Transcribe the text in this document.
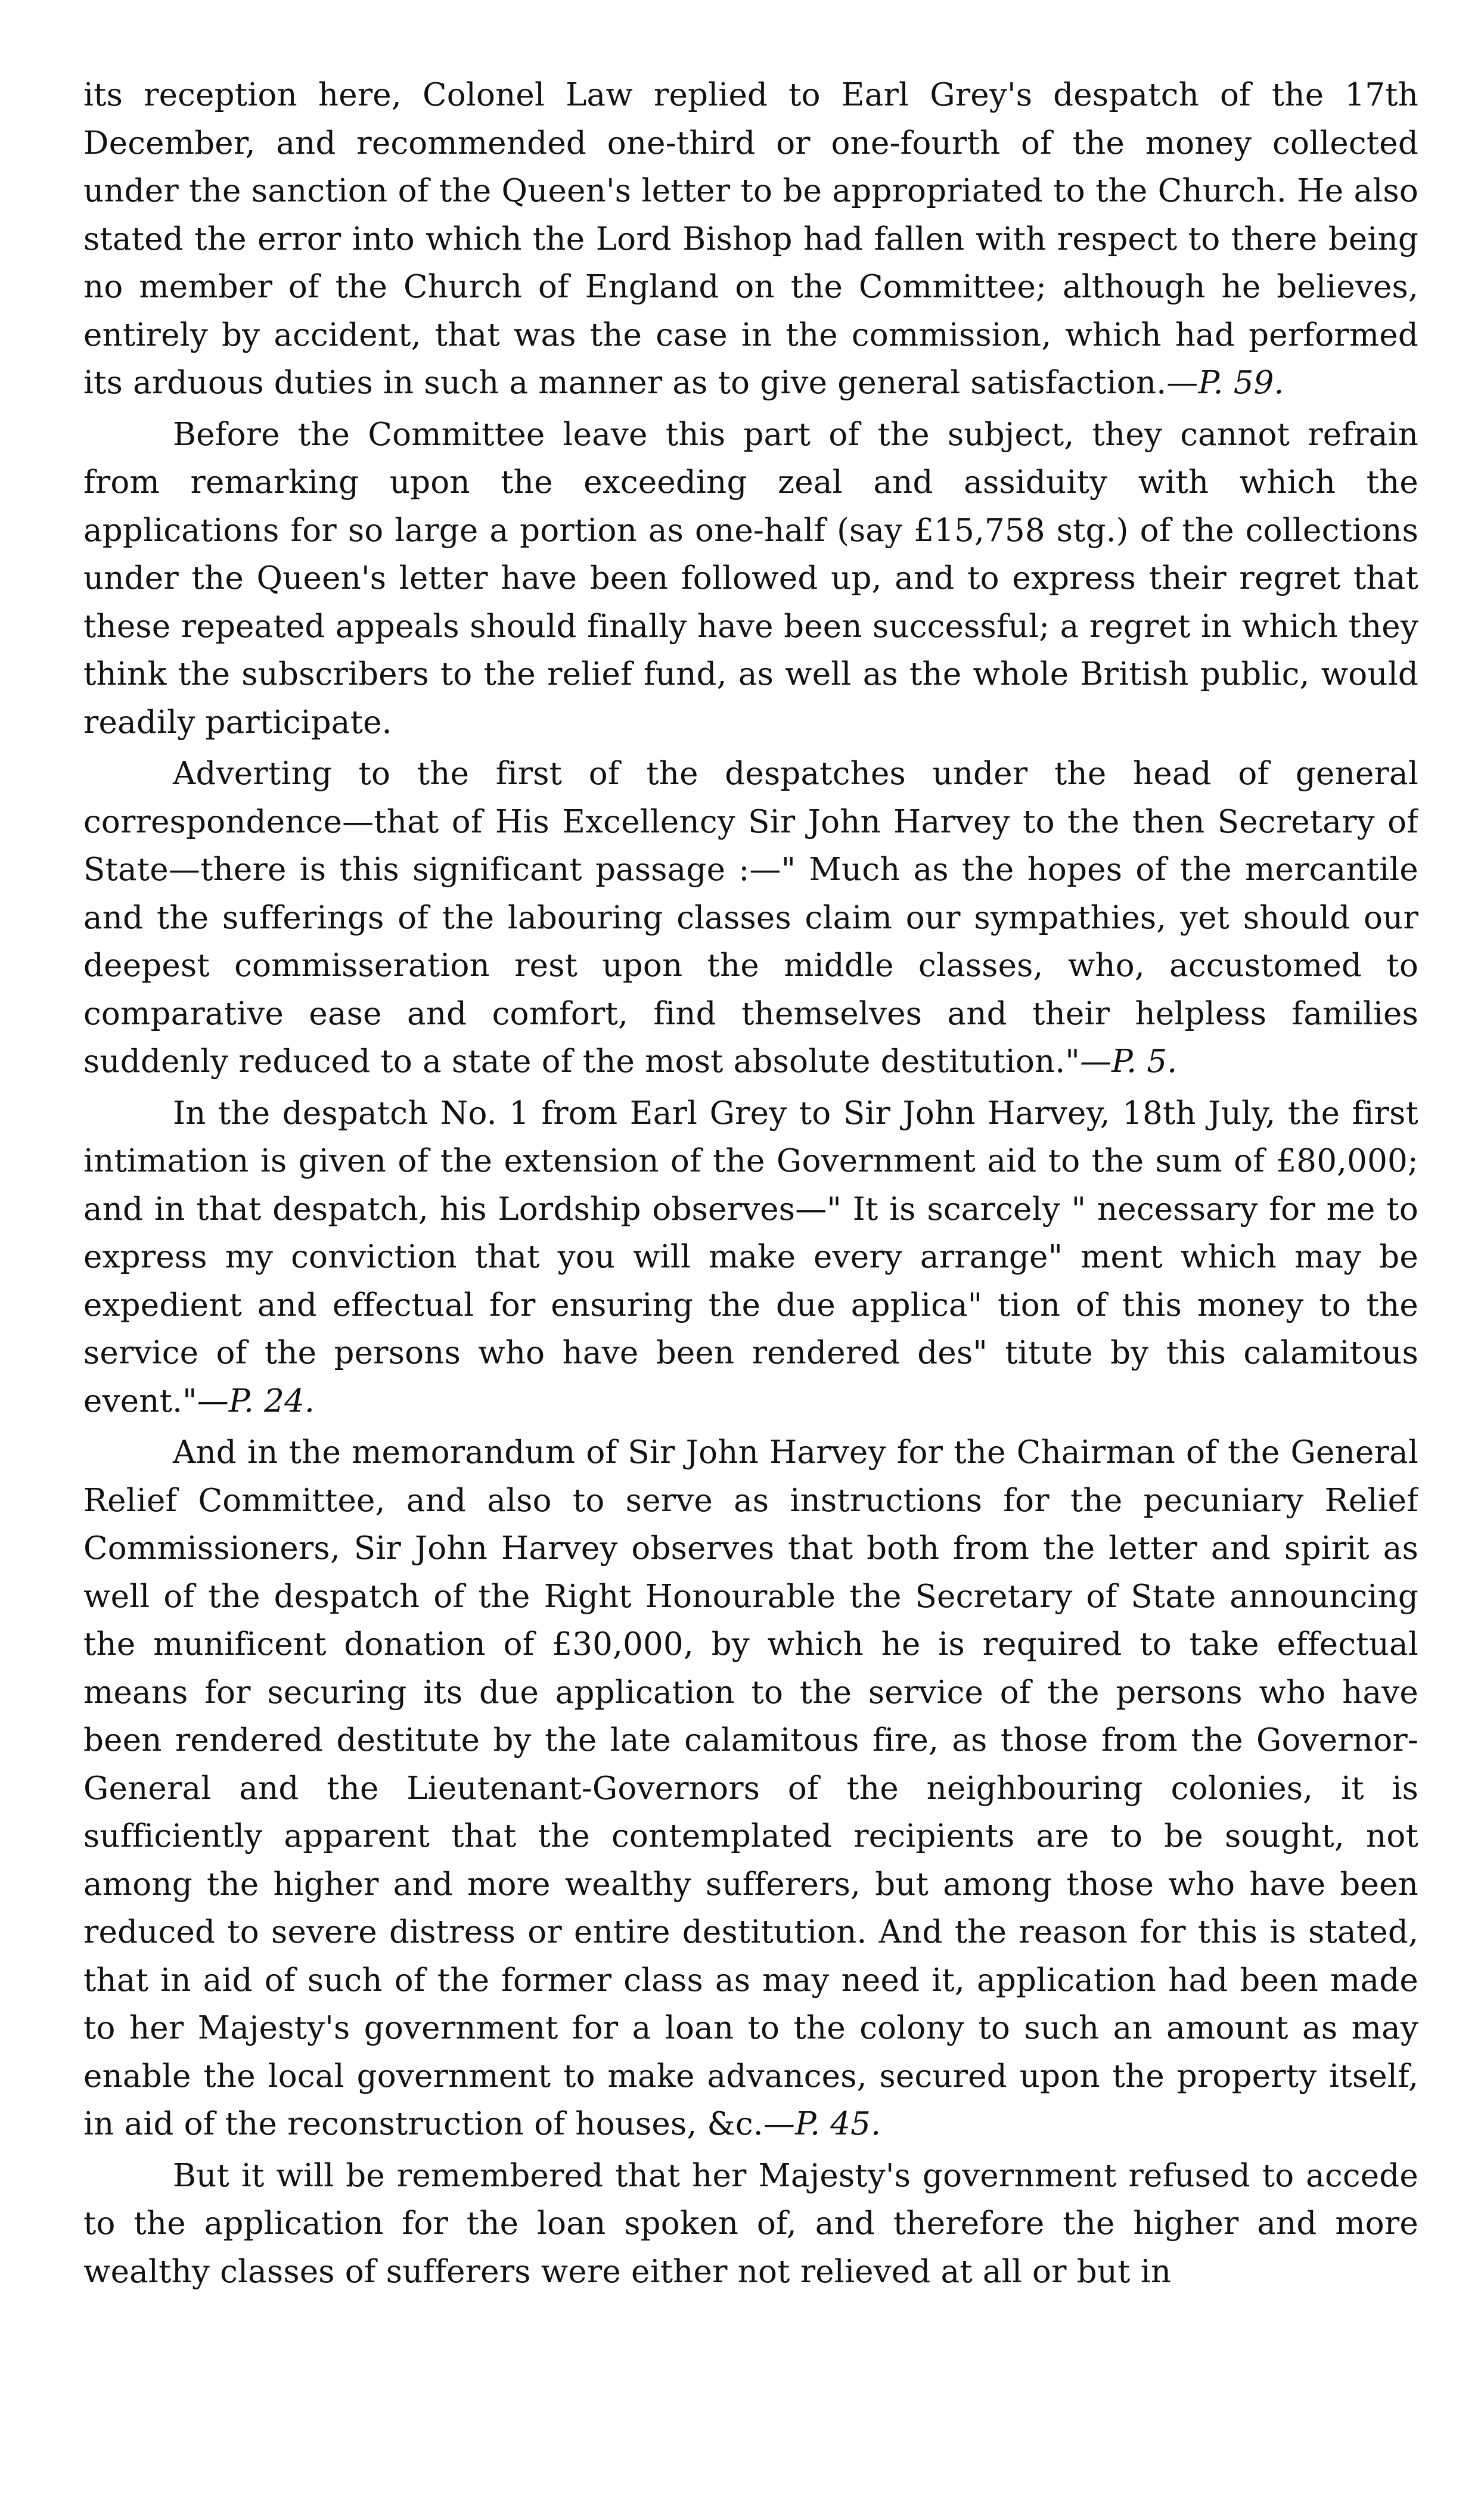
its reception here, Colonel Law replied to Earl Grey's despatch of the 17th December, and recommended one-third or one-fourth of the money collected under the sanction of the Queen's letter to be appropriated to the Church. He also stated the error into which the Lord Bishop had fallen with respect to there being no member of the Church of England on the Committee; although he believes, entirely by accident, that was the case in the commission, which had performed its arduous duties in such a manner as to give general satisfaction.—P. 59.

Before the Committee leave this part of the subject, they cannot refrain from remarking upon the exceeding zeal and assiduity with which the applications for so large a portion as one-half (say £15,758 stg.) of the collections under the Queen's letter have been followed up, and to express their regret that these repeated appeals should finally have been successful; a regret in which they think the subscribers to the relief fund, as well as the whole British public, would readily participate.

Adverting to the first of the despatches under the head of general correspondence—that of His Excellency Sir John Harvey to the then Secretary of State—there is this significant passage :—" Much as the hopes of the mercantile and the sufferings of the labouring classes claim our sympathies, yet should our deepest commisseration rest upon the middle classes, who, accustomed to comparative ease and comfort, find themselves and their helpless families suddenly reduced to a state of the most absolute destitution."—P. 5.

In the despatch No. 1 from Earl Grey to Sir John Harvey, 18th July, the first intimation is given of the extension of the Government aid to the sum of £80,000; and in that despatch, his Lordship observes—" It is scarcely " necessary for me to express my conviction that you will make every arrange" ment which may be expedient and effectual for ensuring the due applica" tion of this money to the service of the persons who have been rendered des" titute by this calamitous event."—P. 24.

And in the memorandum of Sir John Harvey for the Chairman of the General Relief Committee, and also to serve as instructions for the pecuniary Relief Commissioners, Sir John Harvey observes that both from the letter and spirit as well of the despatch of the Right Honourable the Secretary of State announcing the munificent donation of £30,000, by which he is required to take effectual means for securing its due application to the service of the persons who have been rendered destitute by the late calamitous fire, as those from the Governor-General and the Lieutenant-Governors of the neighbouring colonies, it is sufficiently apparent that the contemplated recipients are to be sought, not among the higher and more wealthy sufferers, but among those who have been reduced to severe distress or entire destitution. And the reason for this is stated, that in aid of such of the former class as may need it, application had been made to her Majesty's government for a loan to the colony to such an amount as may enable the local government to make advances, secured upon the property itself, in aid of the reconstruction of houses, &c.—P. 45.

But it will be remembered that her Majesty's government refused to accede to the application for the loan spoken of, and therefore the higher and more wealthy classes of sufferers were either not relieved at all or but in
